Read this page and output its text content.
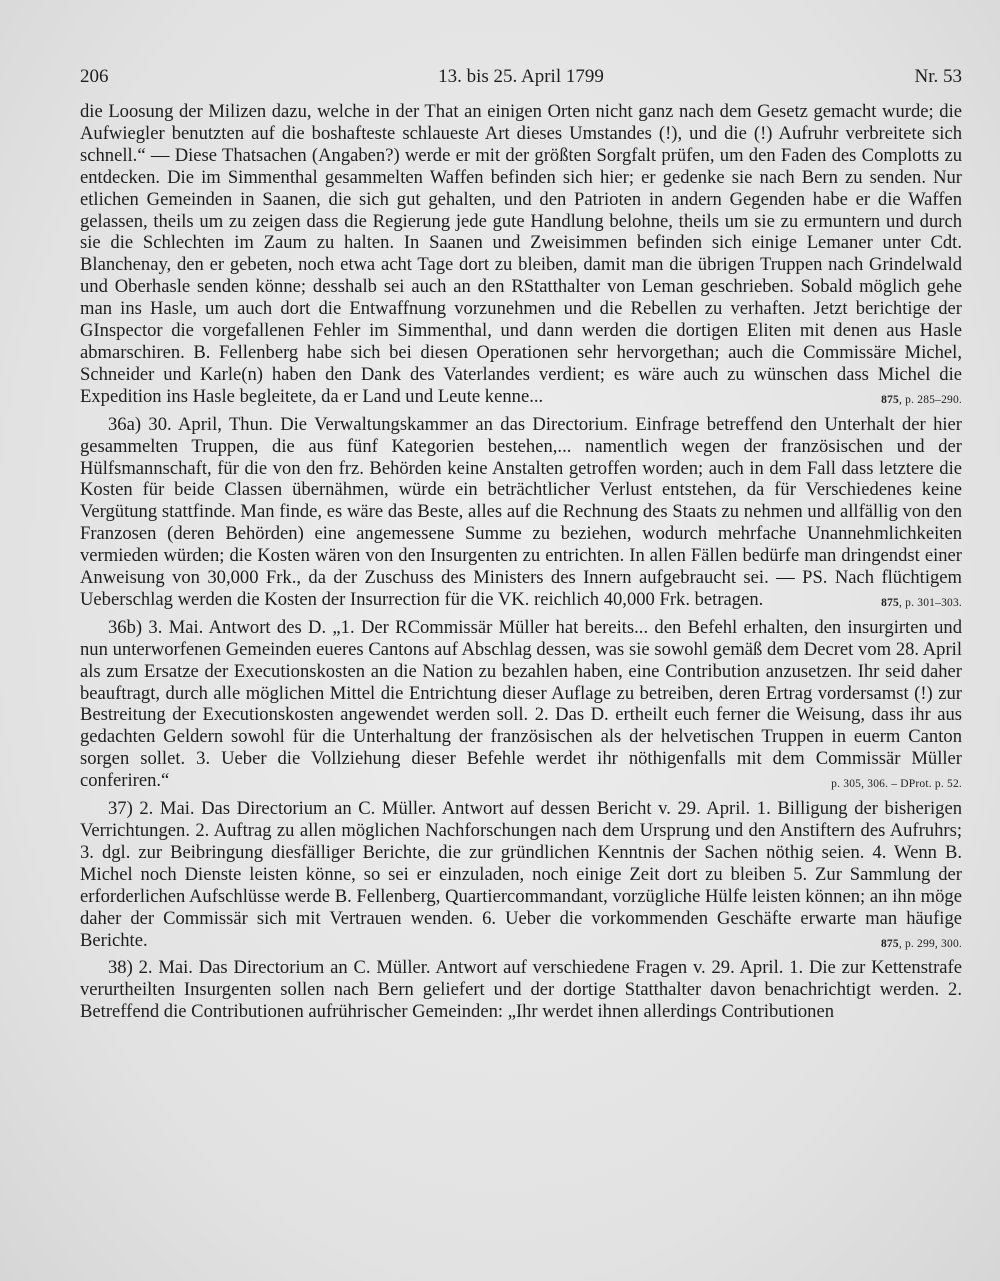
206	13. bis 25. April 1799	Nr. 53

die Loosung der Milizen dazu, welche in der That an einigen Orten nicht ganz nach dem Gesetz gemacht wurde; die Aufwiegler benutzten auf die boshafteste schlaueste Art dieses Umstandes (!), und die (!) Aufruhr verbreitete sich schnell.“ — Diese Thatsachen (Angaben?) werde er mit der größten Sorgfalt prüfen, um den Faden des Complotts zu entdecken. Die im Simmenthal gesammelten Waffen befinden sich hier; er gedenke sie nach Bern zu senden. Nur etlichen Gemeinden in Saanen, die sich gut gehalten, und den Patrioten in andern Gegenden habe er die Waffen gelassen, theils um zu zeigen dass die Regierung jede gute Handlung belohne, theils um sie zu ermuntern und durch sie die Schlechten im Zaum zu halten. In Saanen und Zweisimmen befinden sich einige Lemaner unter Cdt. Blanchenay, den er gebeten, noch etwa acht Tage dort zu bleiben, damit man die übrigen Truppen nach Grindelwald und Oberhasle senden könne; desshalb sei auch an den RStatthalter von Leman geschrieben. Sobald möglich gehe man ins Hasle, um auch dort die Entwaffnung vorzunehmen und die Rebellen zu verhaften. Jetzt berichtige der GInspector die vorgefallenen Fehler im Simmenthal, und dann werden die dortigen Eliten mit denen aus Hasle abmarschiren. B. Fellenberg habe sich bei diesen Operationen sehr hervorgethan; auch die Commissäre Michel, Schneider und Karle(n) haben den Dank des Vaterlandes verdient; es wäre auch zu wünschen dass Michel die Expedition ins Hasle begleitete, da er Land und Leute kenne...	875, p. 285–290.

36a) 30. April, Thun. Die Verwaltungskammer an das Directorium. Einfrage betreffend den Unterhalt der hier gesammelten Truppen, die aus fünf Kategorien bestehen,... namentlich wegen der französischen und der Hülfsmannschaft, für die von den frz. Behörden keine Anstalten getroffen worden; auch in dem Fall dass letztere die Kosten für beide Classen übernähmen, würde ein beträchtlicher Verlust entstehen, da für Verschiedenes keine Vergütung stattfinde. Man finde, es wäre das Beste, alles auf die Rechnung des Staats zu nehmen und allfällig von den Franzosen (deren Behörden) eine angemessene Summe zu beziehen, wodurch mehrfache Unannehmlichkeiten vermieden würden; die Kosten wären von den Insurgenten zu entrichten. In allen Fällen bedürfe man dringendst einer Anweisung von 30,000 Frk., da der Zuschuss des Ministers des Innern aufgebraucht sei. — PS. Nach flüchtigem Ueberschlag werden die Kosten der Insurrection für die VK. reichlich 40,000 Frk. betragen.	875, p. 301–303.

36b) 3. Mai. Antwort des D. „1. Der RCommissär Müller hat bereits... den Befehl erhalten, den insurgirten und nun unterworfenen Gemeinden eueres Cantons auf Abschlag dessen, was sie sowohl gemäß dem Decret vom 28. April als zum Ersatze der Executionskosten an die Nation zu bezahlen haben, eine Contribution anzusetzen. Ihr seid daher beauftragt, durch alle möglichen Mittel die Entrichtung dieser Auflage zu betreiben, deren Ertrag vordersamst (!) zur Bestreitung der Executionskosten angewendet werden soll. 2. Das D. ertheilt euch ferner die Weisung, dass ihr aus gedachten Geldern sowohl für die Unterhaltung der französischen als der helvetischen Truppen in euerm Canton sorgen sollet. 3. Ueber die Vollziehung dieser Befehle werdet ihr nöthigenfalls mit dem Commissär Müller conferiren.“	p. 305, 306. – DProt. p. 52.

37) 2. Mai. Das Directorium an C. Müller. Antwort auf dessen Bericht v. 29. April. 1. Billigung der bisherigen Verrichtungen. 2. Auftrag zu allen möglichen Nachforschungen nach dem Ursprung und den Anstiftern des Aufruhrs; 3. dgl. zur Beibringung diesfälliger Berichte, die zur gründlichen Kenntnis der Sachen nöthig seien. 4. Wenn B. Michel noch Dienste leisten könne, so sei er einzuladen, noch einige Zeit dort zu bleiben 5. Zur Sammlung der erforderlichen Aufschlüsse werde B. Fellenberg, Quartiercommandant, vorzügliche Hülfe leisten können; an ihn möge daher der Commissär sich mit Vertrauen wenden. 6. Ueber die vorkommenden Geschäfte erwarte man häufige Berichte.	875, p. 299, 300.

38) 2. Mai. Das Directorium an C. Müller. Antwort auf verschiedene Fragen v. 29. April. 1. Die zur Kettenstrafe verurtheilten Insurgenten sollen nach Bern geliefert und der dortige Statthalter davon benachrichtigt werden. 2. Betreffend die Contributionen aufrührischer Gemeinden: „Ihr werdet ihnen allerdings Contributionen
